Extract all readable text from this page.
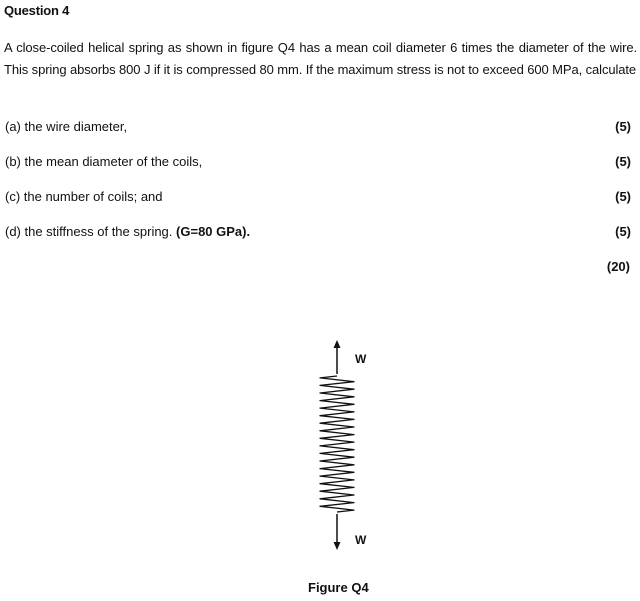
Question 4
A close-coiled helical spring as shown in figure Q4 has a mean coil diameter 6 times the diameter of the wire. This spring absorbs 800 J if it is compressed 80 mm. If the maximum stress is not to exceed 600 MPa, calculate
(a) the wire diameter,	(5)
(b) the mean diameter of the coils,	(5)
(c) the number of coils; and	(5)
(d) the stiffness of the spring. (G=80 GPa).	(5)
(20)
W
W
Figure Q4
